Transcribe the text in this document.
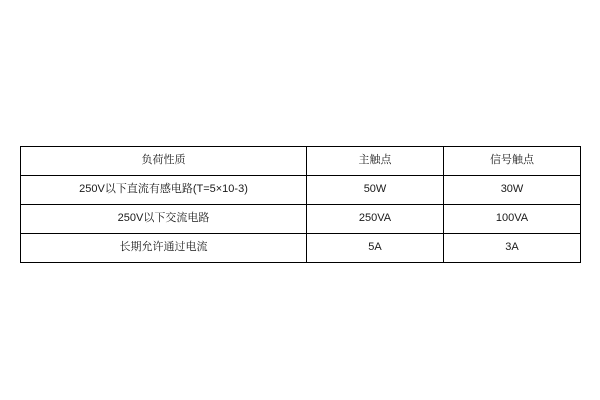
负荷性质	主触点	信号触点
250V以下直流有感电路(T=5×10-3)	50W	30W
250V以下交流电路	250VA	100VA
长期允许通过电流	5A	3A
